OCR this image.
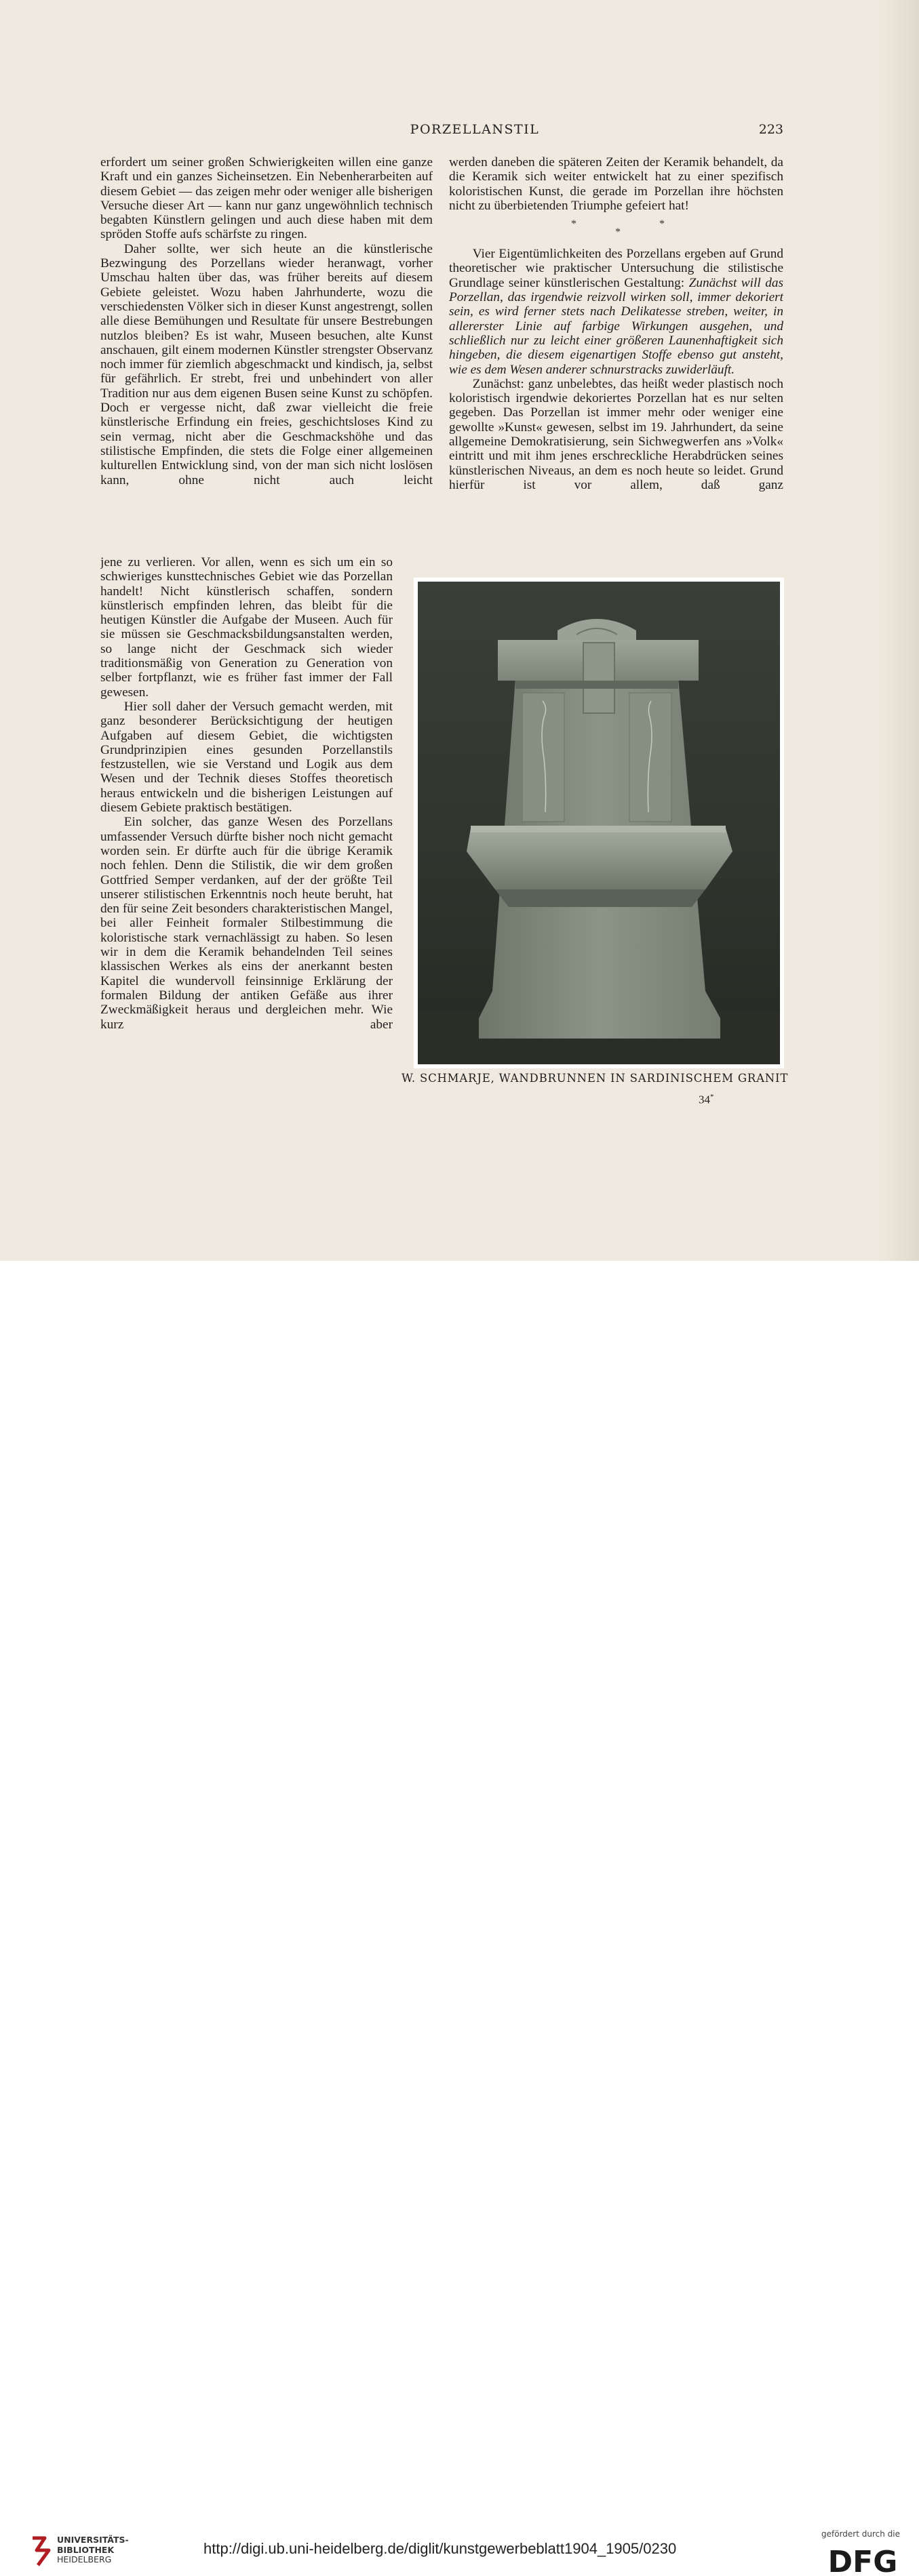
PORZELLANSTIL	223

erfordert um seiner großen Schwierigkeiten willen eine ganze Kraft und ein ganzes Sicheinsetzen. Ein Nebenherarbeiten auf diesem Gebiet — das zeigen mehr oder weniger alle bisherigen Versuche dieser Art — kann nur ganz ungewöhnlich technisch begabten Künstlern gelingen und auch diese haben mit dem spröden Stoffe aufs schärfste zu ringen.

Daher sollte, wer sich heute an die künstlerische Bezwingung des Porzellans wieder heranwagt, vorher Umschau halten über das, was früher bereits auf diesem Gebiete geleistet. Wozu haben Jahrhunderte, wozu die verschiedensten Völker sich in dieser Kunst angestrengt, sollen alle diese Bemühungen und Resultate für unsere Bestrebungen nutzlos bleiben? Es ist wahr, Museen besuchen, alte Kunst anschauen, gilt einem modernen Künstler strengster Observanz noch immer für ziemlich abgeschmackt und kindisch, ja, selbst für gefährlich. Er strebt, frei und unbehindert von aller Tradition nur aus dem eigenen Busen seine Kunst zu schöpfen. Doch er vergesse nicht, daß zwar vielleicht die freie künstlerische Erfindung ein freies, geschichtsloses Kind zu sein vermag, nicht aber die Geschmackshöhe und das stilistische Empfinden, die stets die Folge einer allgemeinen kulturellen Entwicklung sind, von der man sich nicht loslösen kann, ohne nicht auch leicht

jene zu verlieren. Vor allen, wenn es sich um ein so schwieriges kunsttechnisches Gebiet wie das Porzellan handelt! Nicht künstlerisch schaffen, sondern künstlerisch empfinden lehren, das bleibt für die heutigen Künstler die Aufgabe der Museen. Auch für sie müssen sie Geschmacksbildungsanstalten werden, so lange nicht der Geschmack sich wieder traditionsmäßig von Generation zu Generation von selber fortpflanzt, wie es früher fast immer der Fall gewesen.

Hier soll daher der Versuch gemacht werden, mit ganz besonderer Berücksichtigung der heutigen Aufgaben auf diesem Gebiet, die wichtigsten Grundprinzipien eines gesunden Porzellanstils festzustellen, wie sie Verstand und Logik aus dem Wesen und der Technik dieses Stoffes theoretisch heraus entwickeln und die bisherigen Leistungen auf diesem Gebiete praktisch bestätigen.

Ein solcher, das ganze Wesen des Porzellans umfassender Versuch dürfte bisher noch nicht gemacht worden sein. Er dürfte auch für die übrige Keramik noch fehlen. Denn die Stilistik, die wir dem großen Gottfried Semper verdanken, auf der der größte Teil unserer stilistischen Erkenntnis noch heute beruht, hat den für seine Zeit besonders charakteristischen Mangel, bei aller Feinheit formaler Stilbestimmung die koloristische stark vernachlässigt zu haben. So lesen wir in dem die Keramik behandelnden Teil seines klassischen Werkes als eins der anerkannt besten Kapitel die wundervoll feinsinnige Erklärung der formalen Bildung der antiken Gefäße aus ihrer Zweckmäßigkeit heraus und dergleichen mehr. Wie kurz aber

werden daneben die späteren Zeiten der Keramik behandelt, da die Keramik sich weiter entwickelt hat zu einer spezifisch koloristischen Kunst, die gerade im Porzellan ihre höchsten nicht zu überbietenden Triumphe gefeiert hat!

*
*
*

Vier Eigentümlichkeiten des Porzellans ergeben auf Grund theoretischer wie praktischer Untersuchung die stilistische Grundlage seiner künstlerischen Gestaltung: Zunächst will das Porzellan, das irgendwie reizvoll wirken soll, immer dekoriert sein, es wird ferner stets nach Delikatesse streben, weiter, in allererster Linie auf farbige Wirkungen ausgehen, und schließlich nur zu leicht einer größeren Launenhaftigkeit sich hingeben, die diesem eigenartigen Stoffe ebenso gut ansteht, wie es dem Wesen anderer schnurstracks zuwiderläuft.

Zunächst: ganz unbelebtes, das heißt weder plastisch noch koloristisch irgendwie dekoriertes Porzellan hat es nur selten gegeben. Das Porzellan ist immer mehr oder weniger eine gewollte »Kunst« gewesen, selbst im 19. Jahrhundert, da seine allgemeine Demokratisierung, sein Sichwegwerfen ans »Volk« eintritt und mit ihm jenes erschreckliche Herabdrücken seines künstlerischen Niveaus, an dem es noch heute so leidet. Grund hierfür ist vor allem, daß ganz

W. SCHMARJE, WANDBRUNNEN IN SARDINISCHEM GRANIT
34*
UNIVERSITÄTS-
BIBLIOTHEK
HEIDELBERG
http://digi.ub.uni-heidelberg.de/diglit/kunstgewerbeblatt1904_1905/0230
gefördert durch die
DFG
